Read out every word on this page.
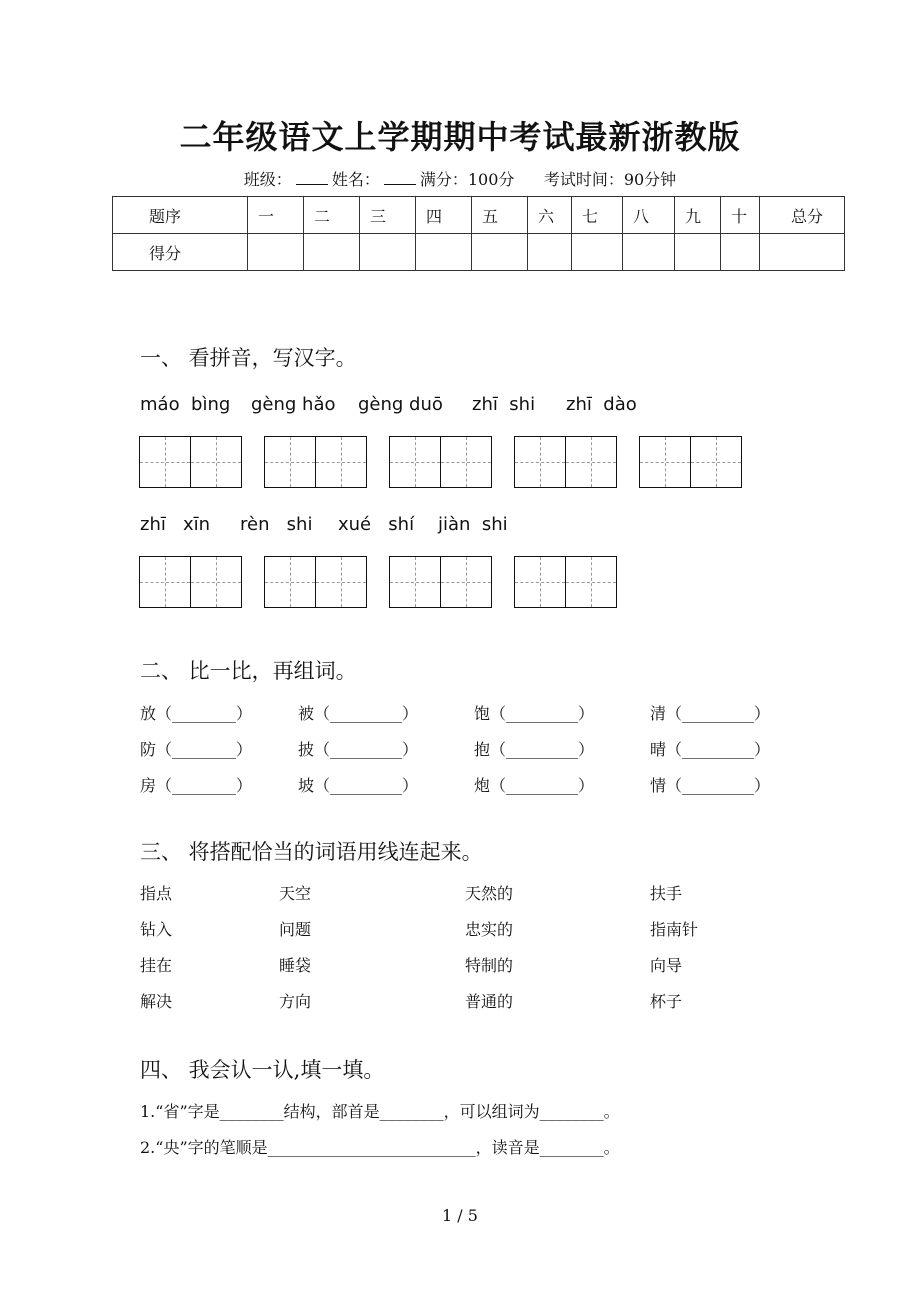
二年级语文上学期期中考试最新浙教版
班级：	姓名：	满分：100分 考试时间：90分钟
题序	一	二	三	四	五	六	七	八	九	十	总分
得分											
一、 看拼音，写汉字。
máo  bìng gèng hǎo gèng duō zhī  shi zhī  dào
zhī   xīn rèn   shi xué   shí jiàn  shi
二、 比一比，再组词。
放（________）	被（_________）	饱（_________）	清（_________）
防（________）	披（_________）	抱（_________）	晴（_________）
房（________）	坡（_________）	炮（_________）	情（_________）
三、 将搭配恰当的词语用线连起来。
指点	天空	天然的	扶手
钻入	问题	忠实的	指南针
挂在	睡袋	特制的	向导
解决	方向	普通的	杯子
四、 我会认一认,填一填。
1.“省”字是________结构，部首是________，可以组词为________。
2.“央”字的笔顺是__________________________，读音是________。
1 / 5
